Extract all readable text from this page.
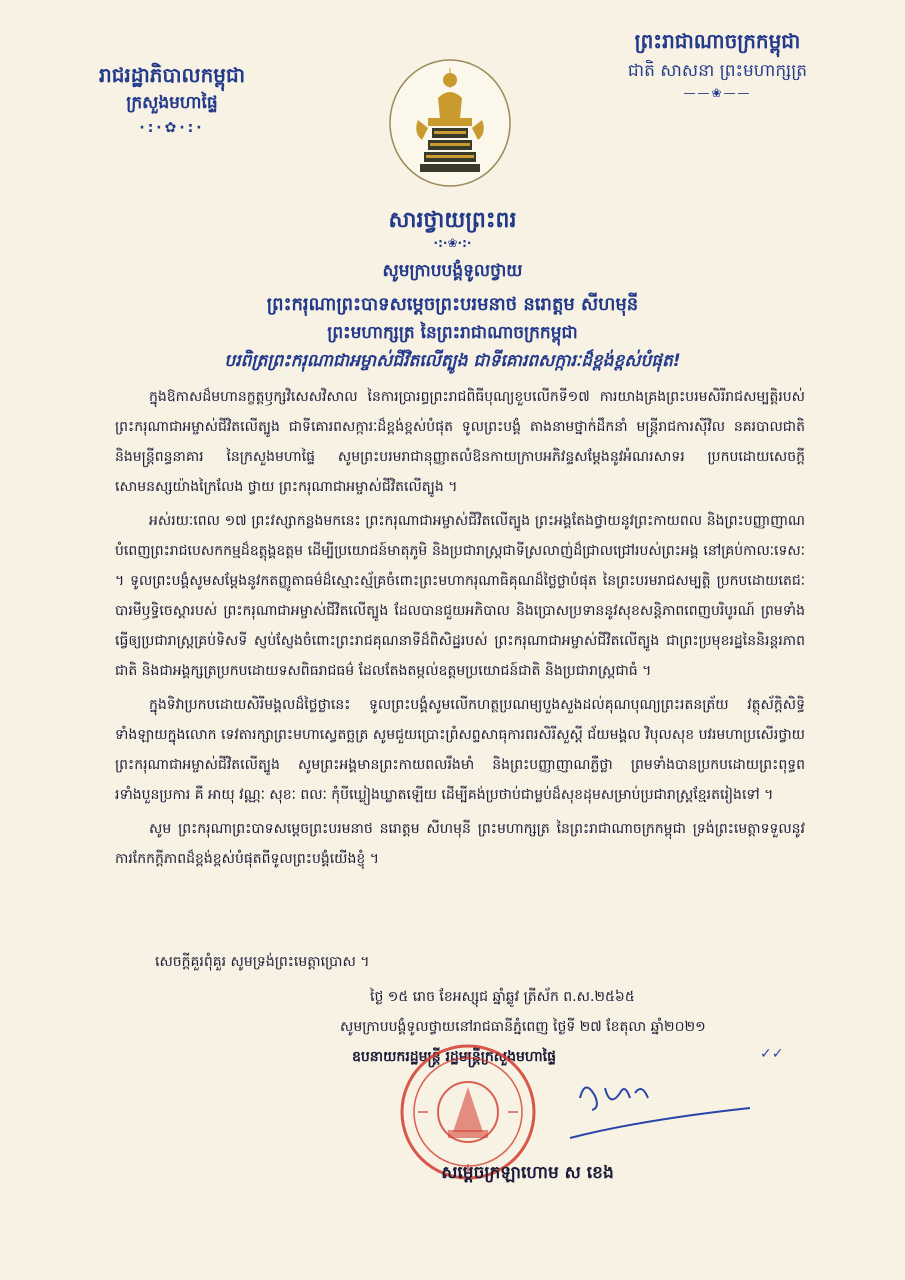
រាជរដ្ឋាភិបាលកម្ពុជា
ក្រសួងមហាផ្ទៃ
·:·✿·:·
ព្រះរាជាណាចក្រកម្ពុជា
ជាតិ សាសនា ព្រះមហាក្សត្រ
——❀——
សារថ្វាយព្រះពរ
·:·❀·:·
សូមក្រាបបង្គំទូលថ្វាយ
ព្រះករុណាព្រះបាទសម្តេចព្រះបរមនាថ នរោត្តម សីហមុនី
ព្រះមហាក្សត្រ នៃព្រះរាជាណាចក្រកម្ពុជា
បរពិត្រព្រះករុណាជាអម្ចាស់ជីវិតលើត្បូង ជាទីគោរពសក្ការៈដ៏ខ្ពង់ខ្ពស់បំផុត!

ក្នុងឱកាសដ៏មហានក្ខត្តឫក្សវិសេសវិសាល នៃការប្រារព្ធព្រះរាជពិធីបុណ្យខួបលើកទី១៧ ការយាងគ្រងព្រះបរមសិរីរាជសម្បត្តិរបស់ ព្រះករុណាជាអម្ចាស់ជីវិតលើត្បូង ជាទីគោរពសក្ការៈដ៏ខ្ពង់ខ្ពស់បំផុត ទូលព្រះបង្គំ តាងនាមថ្នាក់ដឹកនាំ មន្ត្រីរាជការស៊ីវិល នគរបាលជាតិ និងមន្ត្រីពន្ធនាគារ នៃក្រសួងមហាផ្ទៃ សូមព្រះបរមរាជានុញ្ញាតលំឱនកាយក្រាបអភិវន្ទសម្តែងនូវអំណរសាទរ ប្រកបដោយសេចក្តីសោមនស្សយ៉ាងក្រៃលែង ថ្វាយ ព្រះករុណាជាអម្ចាស់ជីវិតលើត្បូង ។

អស់រយៈពេល ១៧ ព្រះវស្សាកន្លងមកនេះ ព្រះករុណាជាអម្ចាស់ជីវិតលើត្បូង ព្រះអង្គតែងថ្វាយនូវព្រះកាយពល និងព្រះបញ្ញាញាណ បំពេញព្រះរាជបេសកកម្មដ៏ឧត្តុង្គឧត្តម ដើម្បីប្រយោជន៍មាតុភូមិ និងប្រជារាស្ត្រជាទីស្រលាញ់ដ៏ជ្រាលជ្រៅរបស់ព្រះអង្គ នៅគ្រប់កាលៈទេសៈ ។ ទូលព្រះបង្គំសូមសម្តែងនូវកតញ្ញូតាធម៌ដ៏ស្មោះស្ម័គ្រចំពោះព្រះមហាករុណាធិគុណដ៏ថ្លៃថ្លាបំផុត នៃព្រះបរមរាជសម្បត្តិ ប្រកបដោយតេជៈបារមីឫទ្ធិចេស្តារបស់ ព្រះករុណាជាអម្ចាស់ជីវិតលើត្បូង ដែលបានជួយអភិបាល និងប្រោសប្រទាននូវសុខសន្តិភាពពេញបរិបូរណ៍ ព្រមទាំងធ្វើឲ្យប្រជារាស្ត្រគ្រប់ទិសទី ស្ញប់ស្ញែងចំពោះព្រះរាជគុណនាទីដ៏ពិសិដ្ឋរបស់ ព្រះករុណាជាអម្ចាស់ជីវិតលើត្បូង ជាព្រះប្រមុខរដ្ឋនៃនិរន្តរភាពជាតិ និងជាអង្គក្សត្រប្រកបដោយទសពិធរាជធម៌ ដែលតែងតម្កល់ឧត្តមប្រយោជន៍ជាតិ និងប្រជារាស្ត្រជាធំ ។

ក្នុងទិវាប្រកបដោយសិរីមង្គលដ៏ថ្លៃថ្លានេះ ទូលព្រះបង្គំសូមលើកហត្ថប្រណម្យបួងសួងដល់គុណបុណ្យព្រះរតនត្រ័យ វត្ថុស័ក្តិសិទ្ធិទាំងឡាយក្នុងលោក ទេវតារក្សាព្រះមហាស្វេតច្ឆត្រ សូមជួយប្រោះព្រំសព្ទសាធុការពរសិរីសួស្តី ជ័យមង្គល វិបុលសុខ បវរមហាប្រសើរថ្វាយ ព្រះករុណាជាអម្ចាស់ជីវិតលើត្បូង សូមព្រះអង្គមានព្រះកាយពលរឹងមាំ និងព្រះបញ្ញាញាណភ្លឺថ្លា ព្រមទាំងបានប្រកបដោយព្រះពុទ្ធពរទាំងបួនប្រការ គឺ អាយុ វណ្ណៈ សុខៈ ពលៈ កុំបីឃ្លៀងឃ្លាតឡើយ ដើម្បីគង់ប្រថាប់ជាម្លប់ដ៏សុខដុមសម្រាប់ប្រជារាស្ត្រខ្មែរតរៀងទៅ ។

សូម ព្រះករុណាព្រះបាទសម្តេចព្រះបរមនាថ នរោត្តម សីហមុនី ព្រះមហាក្សត្រ នៃព្រះរាជាណាចក្រកម្ពុជា ទ្រង់ព្រះមេត្តាទទួលនូវការកែកក្តីភាពដ៏ខ្ពង់ខ្ពស់បំផុតពីទូលព្រះបង្គំយើងខ្ញុំ ។

សេចក្តីគួរពុំគួរ សូមទ្រង់ព្រះមេត្តាប្រោស ។
ថ្ងៃ ១៥ រោច ខែអស្សុជ ឆ្នាំឆ្លូវ ត្រីស័ក ព.ស.២៥៦៥
សូមក្រាបបង្គំទូលថ្វាយនៅរាជធានីភ្នំពេញ ថ្ងៃទី ២៧ ខែតុលា ឆ្នាំ២០២១
ឧបនាយករដ្ឋមន្ត្រី រដ្ឋមន្ត្រីក្រសួងមហាផ្ទៃ	✓✓
សម្តេចក្រឡាហោម ស ខេង
